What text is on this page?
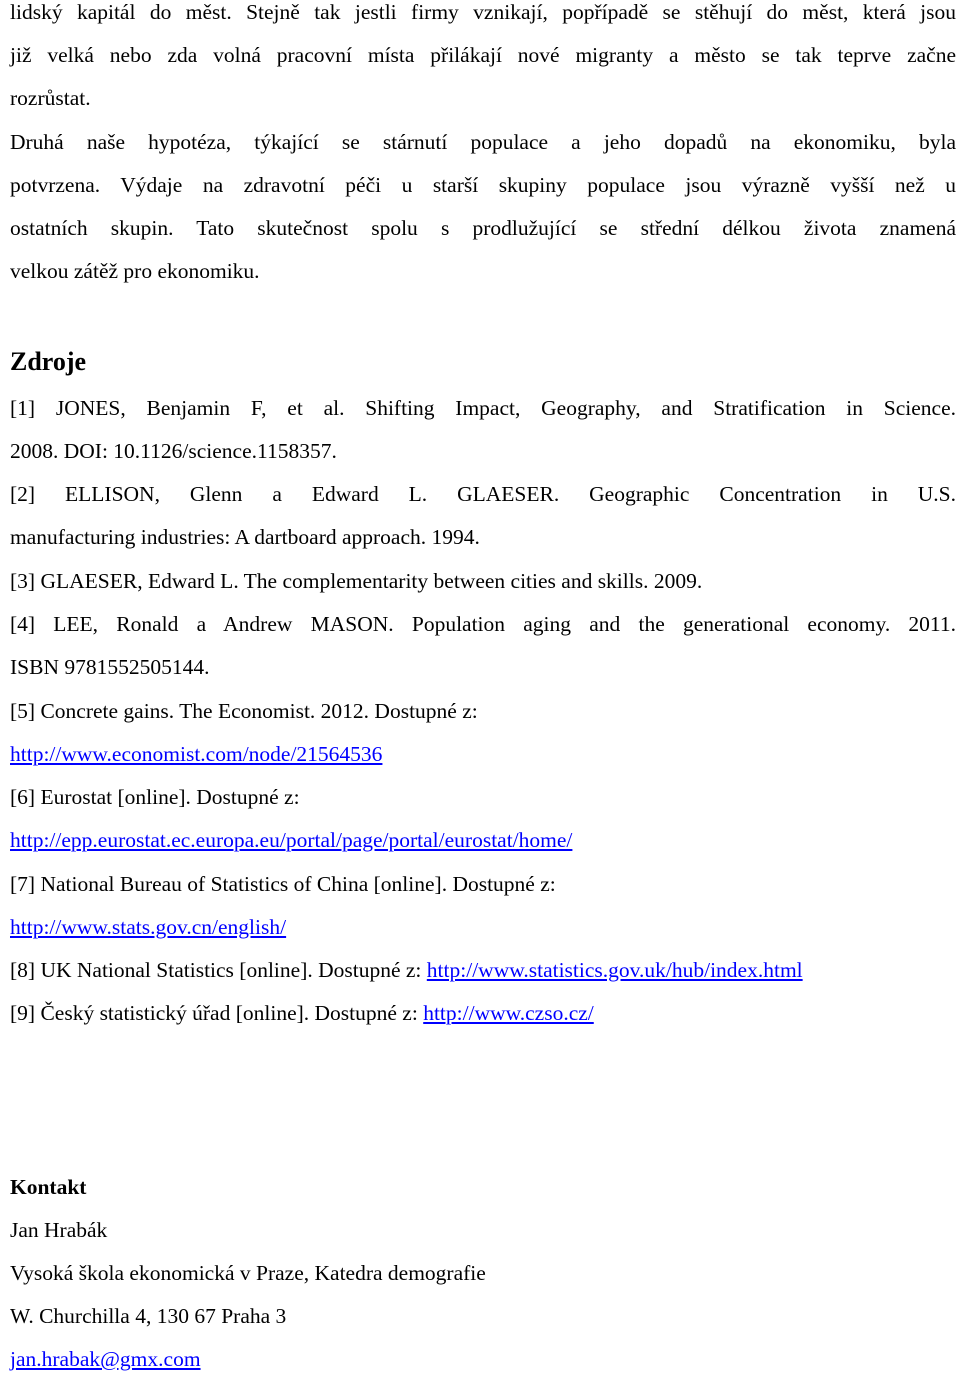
lidský kapitál do měst. Stejně tak jestli firmy vznikají, popřípadě se stěhují do měst, která jsou
již velká nebo zda volná pracovní místa přilákají nové migranty a město se tak teprve začne
rozrůstat.
Druhá naše hypotéza, týkající se stárnutí populace a jeho dopadů na ekonomiku, byla
potvrzena. Výdaje na zdravotní péči u starší skupiny populace jsou výrazně vyšší než u
ostatních skupin. Tato skutečnost spolu s prodlužující se střední délkou života znamená
velkou zátěž pro ekonomiku.
Zdroje
[1] JONES, Benjamin F, et al. Shifting Impact, Geography, and Stratification in Science.
2008. DOI: 10.1126/science.1158357.
[2] ELLISON, Glenn a Edward L. GLAESER. Geographic Concentration in U.S.
manufacturing industries: A dartboard approach. 1994.
[3] GLAESER, Edward L. The complementarity between cities and skills. 2009.
[4] LEE, Ronald a Andrew MASON. Population aging and the generational economy. 2011.
ISBN 9781552505144.
[5] Concrete gains. The Economist. 2012. Dostupné z:
http://www.economist.com/node/21564536
[6] Eurostat [online]. Dostupné z:
http://epp.eurostat.ec.europa.eu/portal/page/portal/eurostat/home/
[7] National Bureau of Statistics of China [online]. Dostupné z:
http://www.stats.gov.cn/english/
[8] UK National Statistics [online]. Dostupné z: http://www.statistics.gov.uk/hub/index.html
[9] Český statistický úřad [online]. Dostupné z: http://www.czso.cz/
Kontakt
Jan Hrabák
Vysoká škola ekonomická v Praze, Katedra demografie
W. Churchilla 4, 130 67 Praha 3
jan.hrabak@gmx.com
